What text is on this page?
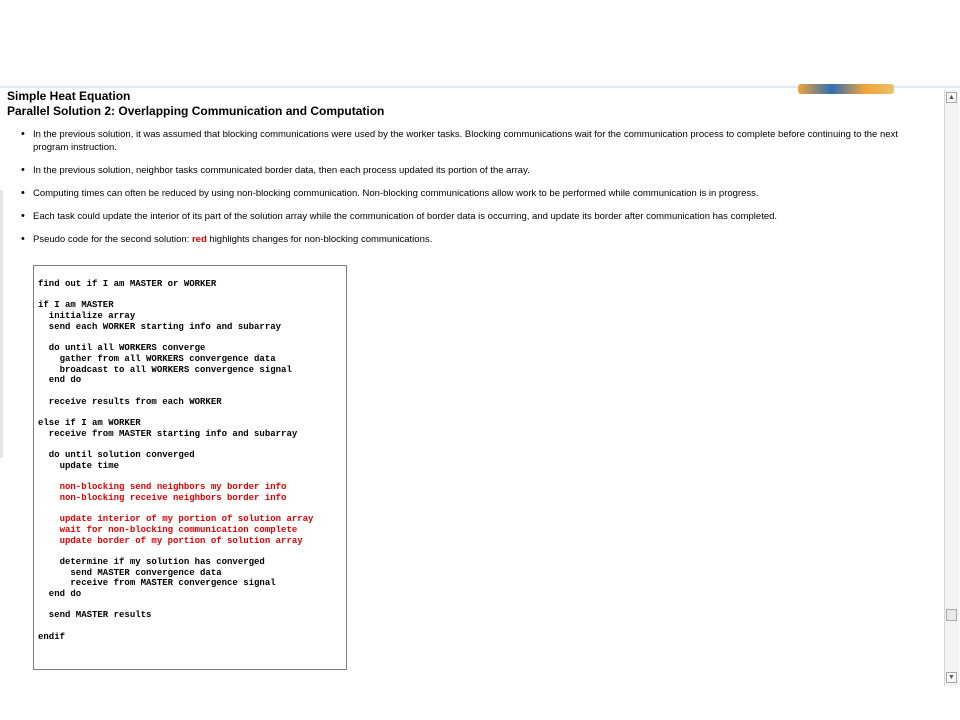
Simple Heat Equation
Parallel Solution 2: Overlapping Communication and Computation
• In the previous solution, it was assumed that blocking communications were used by the worker tasks. Blocking communications wait for the communication process to complete before continuing to the next program instruction.
• In the previous solution, neighbor tasks communicated border data, then each process updated its portion of the array.
• Computing times can often be reduced by using non-blocking communication. Non-blocking communications allow work to be performed while communication is in progress.
• Each task could update the interior of its part of the solution array while the communication of border data is occurring, and update its border after communication has completed.
• Pseudo code for the second solution: red highlights changes for non-blocking communications.
find out if I am MASTER or WORKER
if I am MASTER
initialize array
send each WORKER starting info and subarray
do until all WORKERS converge
gather from all WORKERS convergence data
broadcast to all WORKERS convergence signal
end do
receive results from each WORKER
else if I am WORKER
receive from MASTER starting info and subarray
do until solution converged
update time
non-blocking send neighbors my border info
non-blocking receive neighbors border info
update interior of my portion of solution array
wait for non-blocking communication complete
update border of my portion of solution array
determine if my solution has converged
send MASTER convergence data
receive from MASTER convergence signal
end do
send MASTER results
endif
▲
▼
